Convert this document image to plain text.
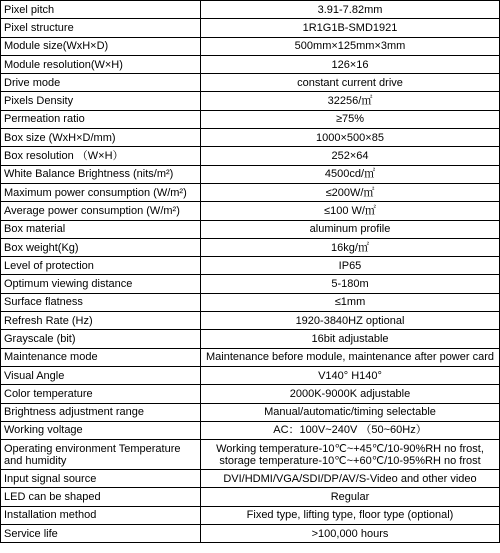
Pixel pitch	3.91-7.82mm
Pixel structure	1R1G1B-SMD1921
Module size(WxH×D)	500mm×125mm×3mm
Module resolution(W×H)	126×16
Drive mode	constant current drive
Pixels Density	32256/㎡
Permeation ratio	≥75%
Box size (WxH×D/mm)	1000×500×85
Box resolution （W×H）	252×64
White Balance Brightness (nits/m²)	4500cd/㎡
Maximum power consumption (W/m²)	≤200W/㎡
Average power consumption (W/m²)	≤100 W/㎡
Box material	aluminum profile
Box weight(Kg)	16kg/㎡
Level of protection	IP65
Optimum viewing distance	5-180m
Surface flatness	≤1mm
Refresh Rate (Hz)	1920-3840HZ optional
Grayscale (bit)	16bit adjustable
Maintenance mode	Maintenance before module, maintenance after power card
Visual Angle	V140° H140°
Color temperature	2000K-9000K adjustable
Brightness adjustment range	Manual/automatic/timing selectable
Working voltage	AC：100V~240V （50~60Hz）
Operating environment Temperature
and humidity	Working temperature-10℃~+45℃/10-90%RH no frost,
storage temperature-10℃~+60℃/10-95%RH no frost
Input signal source	DVI/HDMI/VGA/SDI/DP/AV/S-Video and other video
LED can be shaped	Regular
Installation method	Fixed type, lifting type, floor type (optional)
Service life	>100,000 hours
